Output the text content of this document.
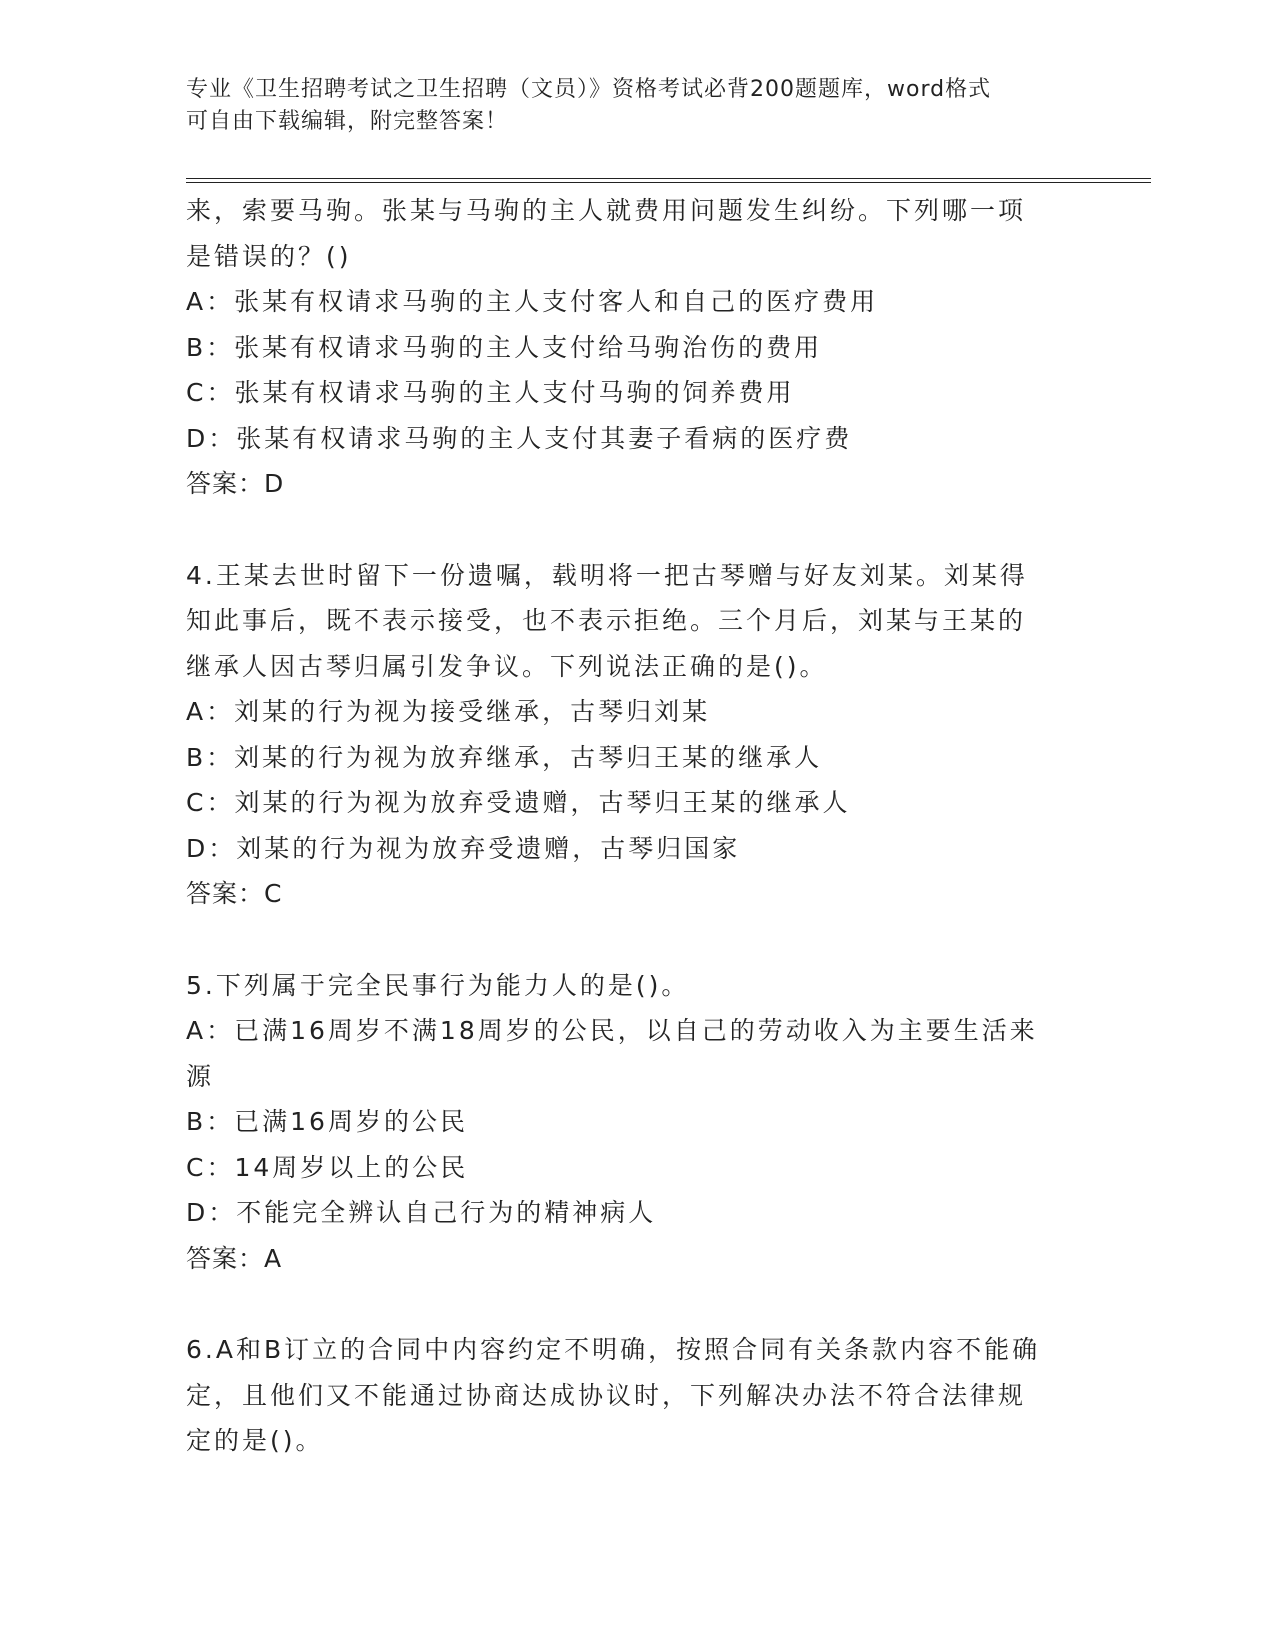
专业《卫生招聘考试之卫生招聘（文员）》资格考试必背200题题库，word格式
可自由下载编辑，附完整答案！
来，索要马驹。张某与马驹的主人就费用问题发生纠纷。下列哪一项
是错误的？()
A：张某有权请求马驹的主人支付客人和自己的医疗费用
B：张某有权请求马驹的主人支付给马驹治伤的费用
C：张某有权请求马驹的主人支付马驹的饲养费用
D：张某有权请求马驹的主人支付其妻子看病的医疗费
答案：D
4.王某去世时留下一份遗嘱，载明将一把古琴赠与好友刘某。刘某得
知此事后，既不表示接受，也不表示拒绝。三个月后，刘某与王某的
继承人因古琴归属引发争议。下列说法正确的是()。
A：刘某的行为视为接受继承，古琴归刘某
B：刘某的行为视为放弃继承，古琴归王某的继承人
C：刘某的行为视为放弃受遗赠，古琴归王某的继承人
D：刘某的行为视为放弃受遗赠，古琴归国家
答案：C
5.下列属于完全民事行为能力人的是()。
A：已满16周岁不满18周岁的公民，以自己的劳动收入为主要生活来
源
B：已满16周岁的公民
C：14周岁以上的公民
D：不能完全辨认自己行为的精神病人
答案：A
6.A和B订立的合同中内容约定不明确，按照合同有关条款内容不能确
定，且他们又不能通过协商达成协议时，下列解决办法不符合法律规
定的是()。
